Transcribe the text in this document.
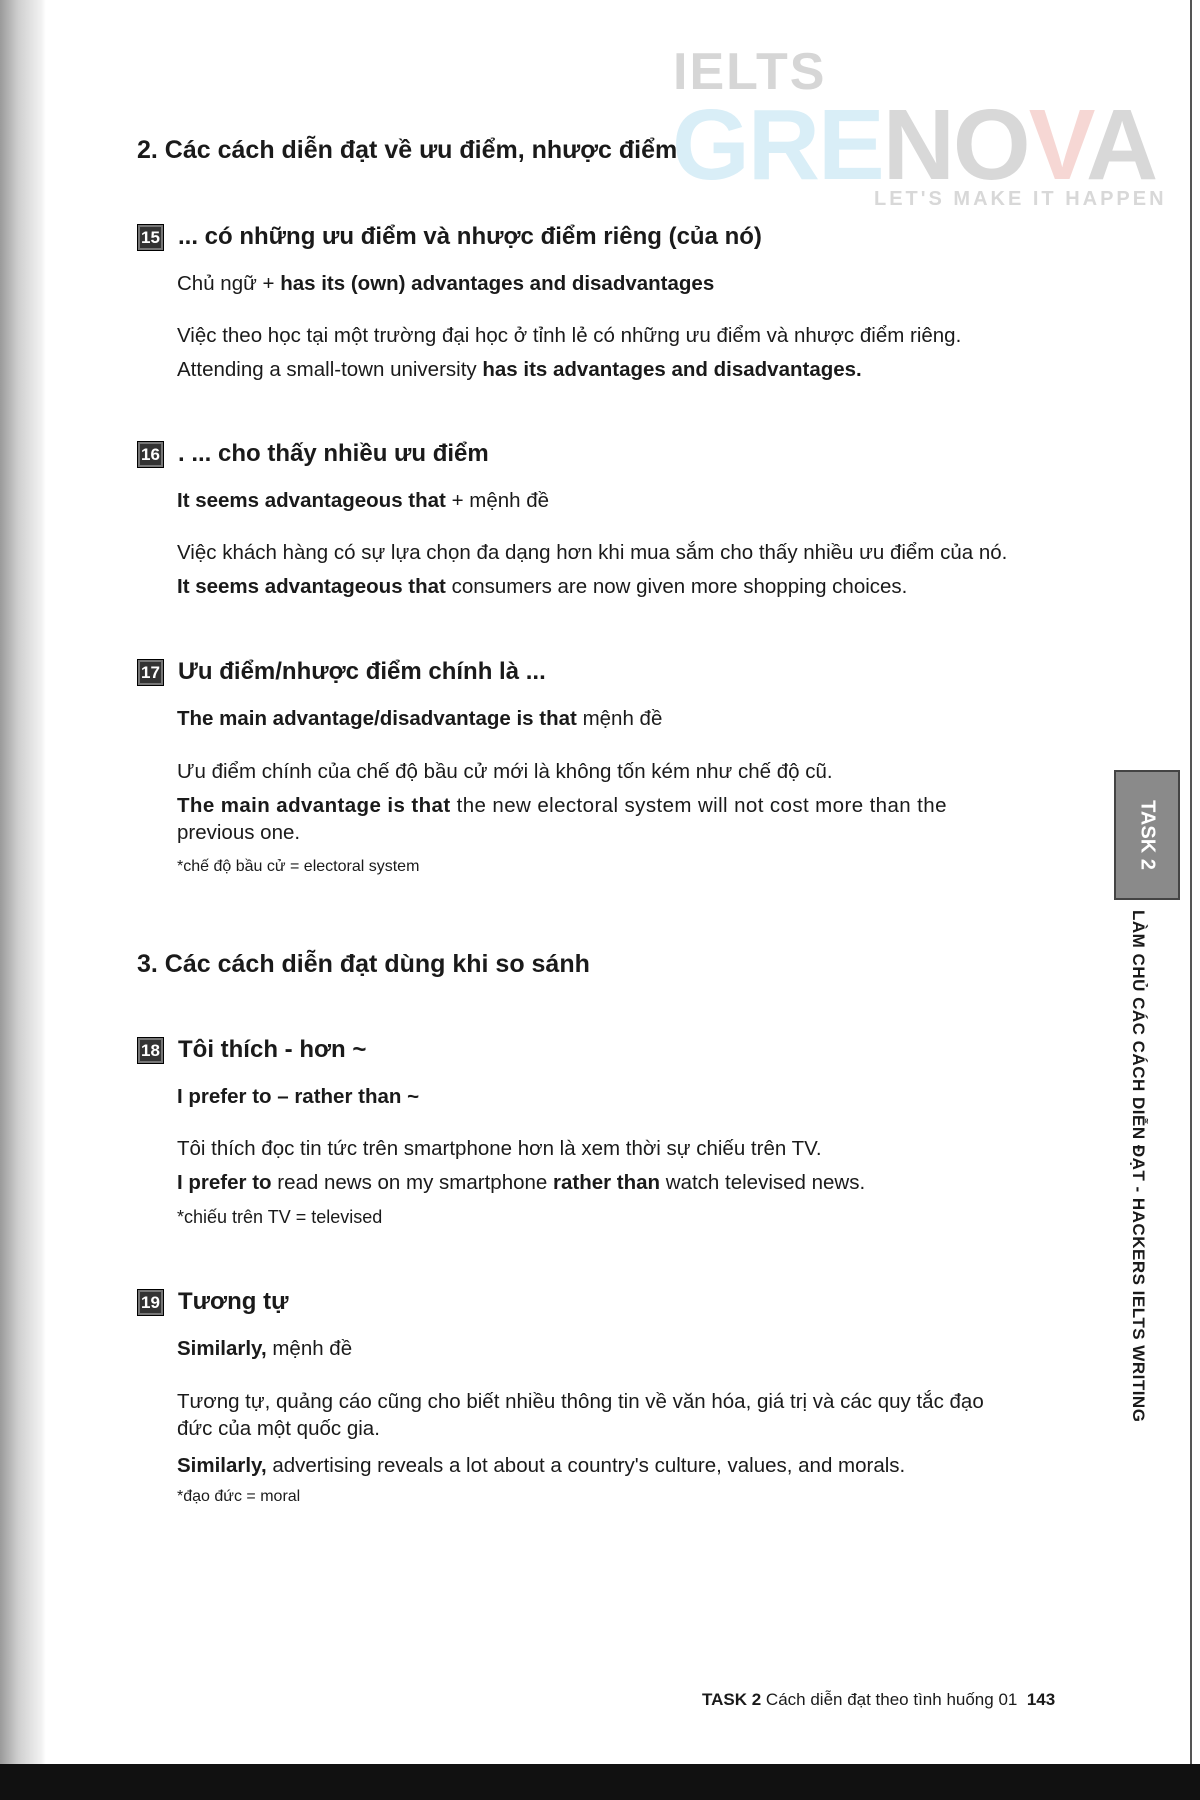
IELTS
GRENOVA
LET'S MAKE IT HAPPEN
2. Các cách diễn đạt về ưu điểm, nhược điểm
15 ... có những ưu điểm và nhược điểm riêng (của nó)
Chủ ngữ + has its (own) advantages and disadvantages
Việc theo học tại một trường đại học ở tỉnh lẻ có những ưu điểm và nhược điểm riêng.
Attending a small-town university has its advantages and disadvantages.
16 . ... cho thấy nhiều ưu điểm
It seems advantageous that + mệnh đề
Việc khách hàng có sự lựa chọn đa dạng hơn khi mua sắm cho thấy nhiều ưu điểm của nó.
It seems advantageous that consumers are now given more shopping choices.
17 Ưu điểm/nhược điểm chính là ...
The main advantage/disadvantage is that mệnh đề
Ưu điểm chính của chế độ bầu cử mới là không tốn kém như chế độ cũ.
The main advantage is that the new electoral system will not cost more than the
previous one.
*chế độ bầu cử = electoral system
3. Các cách diễn đạt dùng khi so sánh
18 Tôi thích - hơn ~
I prefer to – rather than ~
Tôi thích đọc tin tức trên smartphone hơn là xem thời sự chiếu trên TV.
I prefer to read news on my smartphone rather than watch televised news.
*chiếu trên TV = televised
19 Tương tự
Similarly, mệnh đề
Tương tự, quảng cáo cũng cho biết nhiều thông tin về văn hóa, giá trị và các quy tắc đạo
đức của một quốc gia.
Similarly, advertising reveals a lot about a country's culture, values, and morals.
*đạo đức = moral
TASK 2
LÀM CHỦ CÁC CÁCH DIỄN ĐẠT - HACKERS IELTS WRITING
TASK 2 Cách diễn đạt theo tình huống 01 143
